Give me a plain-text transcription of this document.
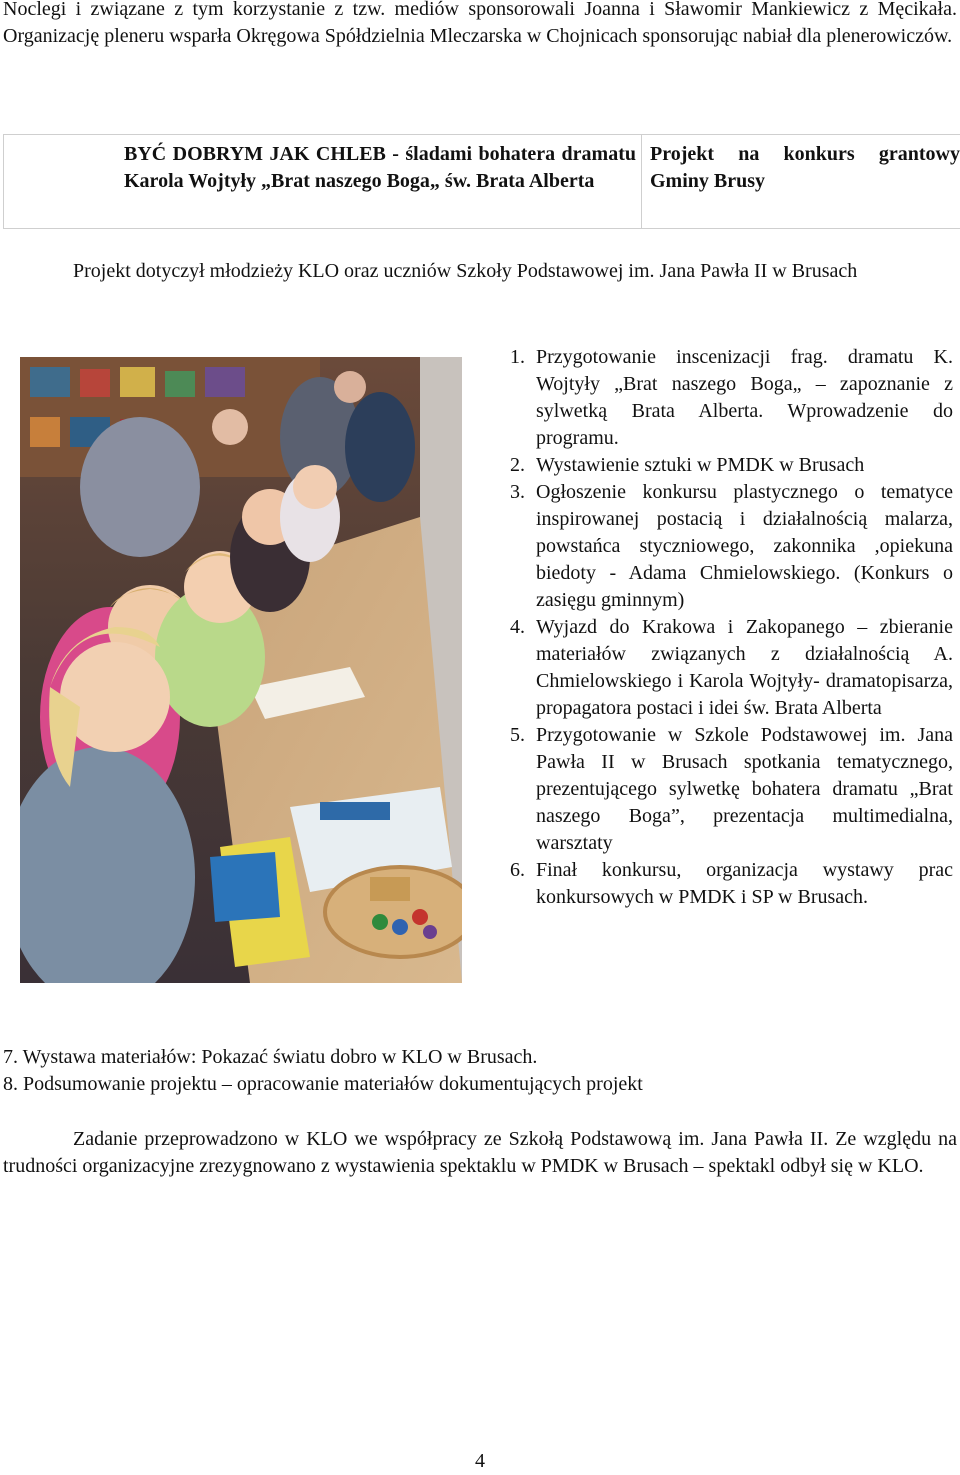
Noclegi i związane z tym korzystanie z tzw. mediów sponsorowali Joanna i Sławomir Mankiewicz z Męcikała. Organizację pleneru wsparła Okręgowa Spółdzielnia Mleczarska w Chojnicach sponsorując nabiał dla plenerowiczów.
BYĆ DOBRYM JAK CHLEB - śladami bohatera dramatu Karola Wojtyły „Brat naszego Boga„ św. Brata Alberta
Projekt na konkurs grantowy Gminy Brusy
Projekt dotyczył młodzieży KLO oraz uczniów Szkoły Podstawowej im. Jana Pawła II w Brusach
1. Przygotowanie inscenizacji frag. dramatu K. Wojtyły „Brat naszego Boga„ – zapoznanie z sylwetką Brata Alberta. Wprowadzenie do programu.
2. Wystawienie sztuki w PMDK w Brusach
3. Ogłoszenie konkursu plastycznego o tematyce inspirowanej postacią i działalnością malarza, powstańca styczniowego, zakonnika ,opiekuna biedoty - Adama Chmielowskiego. (Konkurs o zasięgu gminnym)
4. Wyjazd do Krakowa i Zakopanego – zbieranie materiałów związanych z działalnością A. Chmielowskiego i Karola Wojtyły- dramatopisarza, propagatora postaci i idei św. Brata Alberta
5. Przygotowanie w Szkole Podstawowej im. Jana Pawła II w Brusach spotkania tematycznego, prezentującego sylwetkę bohatera dramatu „Brat naszego Boga”, prezentacja multimedialna, warsztaty
6. Finał konkursu, organizacja wystawy prac konkursowych w PMDK i SP w Brusach.
7. Wystawa materiałów: Pokazać światu dobro w KLO w Brusach.
8. Podsumowanie projektu – opracowanie materiałów dokumentujących projekt
Zadanie przeprowadzono w KLO we współpracy ze Szkołą Podstawową im. Jana Pawła II. Ze względu na trudności organizacyjne zrezygnowano z wystawienia spektaklu w PMDK w Brusach – spektakl odbył się w KLO.
4
